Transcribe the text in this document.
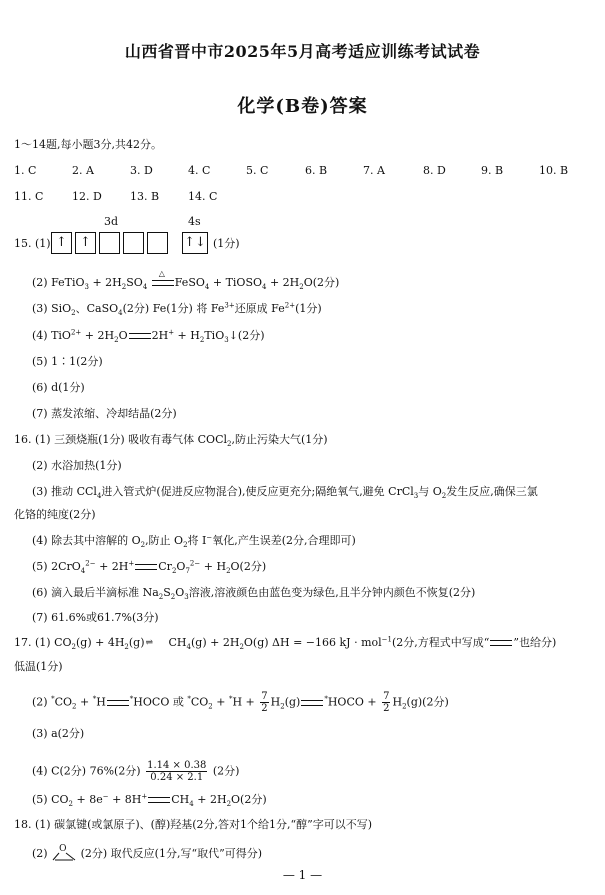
山西省晋中市2025年5月高考适应训练考试试卷
化学(B卷)答案
1～14题,每小题3分,共42分。
1. C	2. A	3. D	4. C	5. C	6. B	7. A	8. D	9. B	10. B
11. C	12. D	13. B	14. C
3d	4s
15. (1) ↑	↑	↑↓ (1分)
(2) FeTiO$_3$ + $2H_2SO_4$
△
FeSO$_4$ + TiOSO$_4$ + $2H_2O(2$分)
(3) SiO$_2$、CaSO$_4$(2分) Fe(1分) 将 $Fe^{3+}$还原成 $Fe^{2+}(1$分)
(4) $TiO^{2+} + 2H_2O$ $2H^+ + H_2TiO_3↓(2$分)
(5) 1∶1(2分)
(6) d(1分)
(7) 蒸发浓缩、冷却结晶(2分)
16. (1) 三颈烧瓶(1分) 吸收有毒气体 COCl$_2$,防止污染大气(1分)
(2) 水浴加热(1分)
(3) 推动 CCl$_4$进入管式炉(促进反应物混合),使反应更充分;隔绝氧气,避免 CrCl$_3$与 $O_2$发生反应,确保三氯
化铬的纯度(2分)
(4) 除去其中溶解的 $O_2$,防止 $O_2$将 I−氧化,产生误差(2分,合理即可)
(5) 2CrO$_4^{2-}$ + 2H+ $Cr_2O_7^{2-} + H_2O(2$分)
(6) 滴入最后半滴标准 $Na_2S_2O_3$溶液,溶液颜色由蓝色变为绿色,且半分钟内颜色不恢复(2分)
(7) 61.6%或61.7%(3分)
17. (1) $CO_2(g)$ + $4H_2(g)\rightleftharpoons$ $CH_4(g) + 2H_2O(g) \Delta H = -166$ kJ · mol$^{-1}$(2分,方程式中写成“ ”也给分)
低温(1分)
(2) $^*CO_2 + ^*H$	*HOCO 或 $^*CO_2 + ^*H + \frac{7}{2} H_2(g)$	*HOCO + $\frac{7}{2} H_2(g)(2$分)
(3) a(2分)
(4) C(2分) 76%(2分) $\frac{1.14 \times 0.38}{0.24 \times 2.1} (2$分)
(5) $CO_2 + 8e^- + 8H^+$ $CH_4 + 2H_2O(2$分)
18. (1) 碳氯键(或氯原子)、(醇)羟基(2分,答对1个给1分,“醇”字可以不写)
(2) O (2分) 取代反应(1分,写“取代”可得分)
— 1 —
